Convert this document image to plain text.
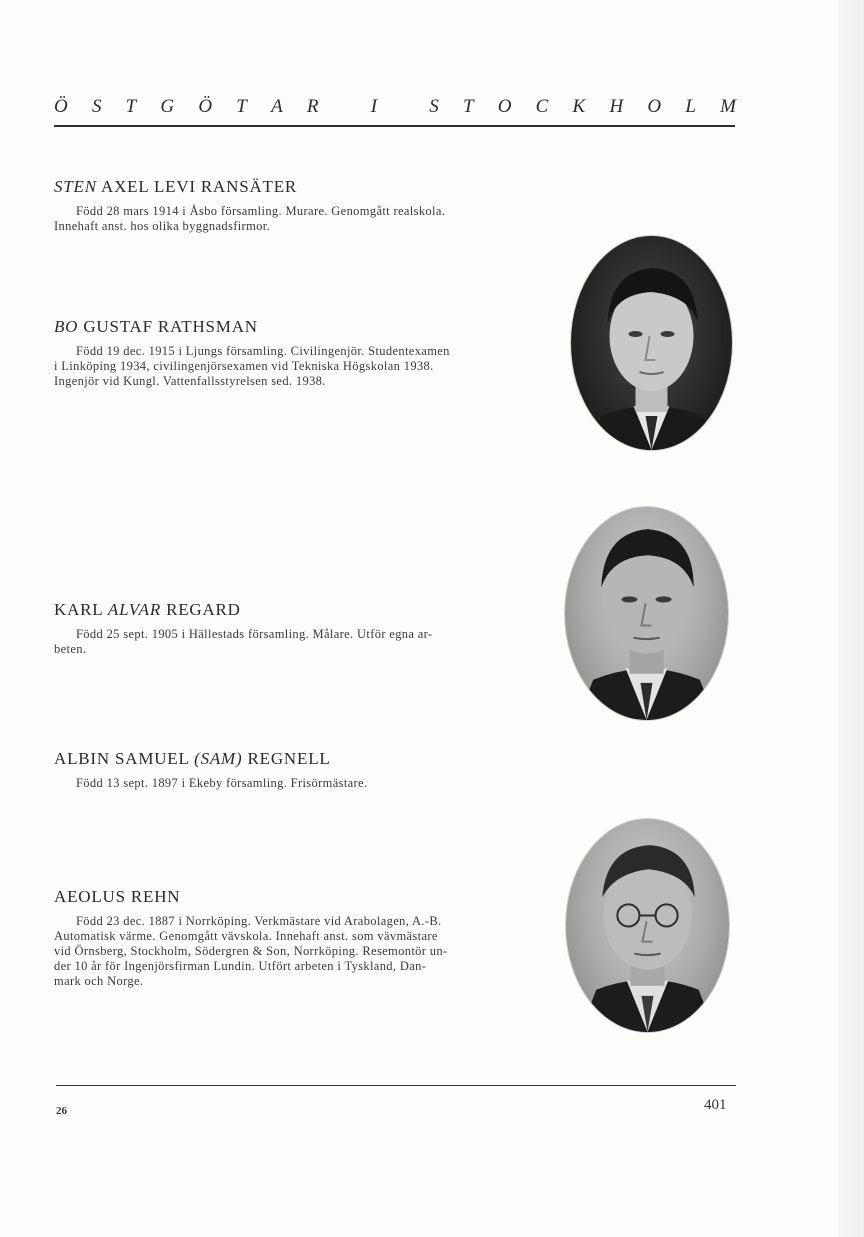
Ö S T G Ö T A R	I	S T O C K H O L M
STEN AXEL LEVI RANSÄTER
Född 28 mars 1914 i Åsbo församling. Murare. Genomgått realskola.
Innehaft anst. hos olika byggnadsfirmor.
BO GUSTAF RATHSMAN
Född 19 dec. 1915 i Ljungs församling. Civilingenjör. Studentexamen
i Linköping 1934, civilingenjörsexamen vid Tekniska Högskolan 1938.
Ingenjör vid Kungl. Vattenfallsstyrelsen sed. 1938.
KARL ALVAR REGARD
Född 25 sept. 1905 i Hällestads församling. Målare. Utför egna ar-
beten.
ALBIN SAMUEL (SAM) REGNELL
Född 13 sept. 1897 i Ekeby församling. Frisörmästare.
AEOLUS REHN
Född 23 dec. 1887 i Norrköping. Verkmästare vid Arabolagen, A.-B.
Automatisk värme. Genomgått vävskola. Innehaft anst. som vävmästare
vid Örnsberg, Stockholm, Södergren & Son, Norrköping. Resemontör un-
der 10 år för Ingenjörsfirman Lundin. Utfört arbeten i Tyskland, Dan-
mark och Norge.
26	401
